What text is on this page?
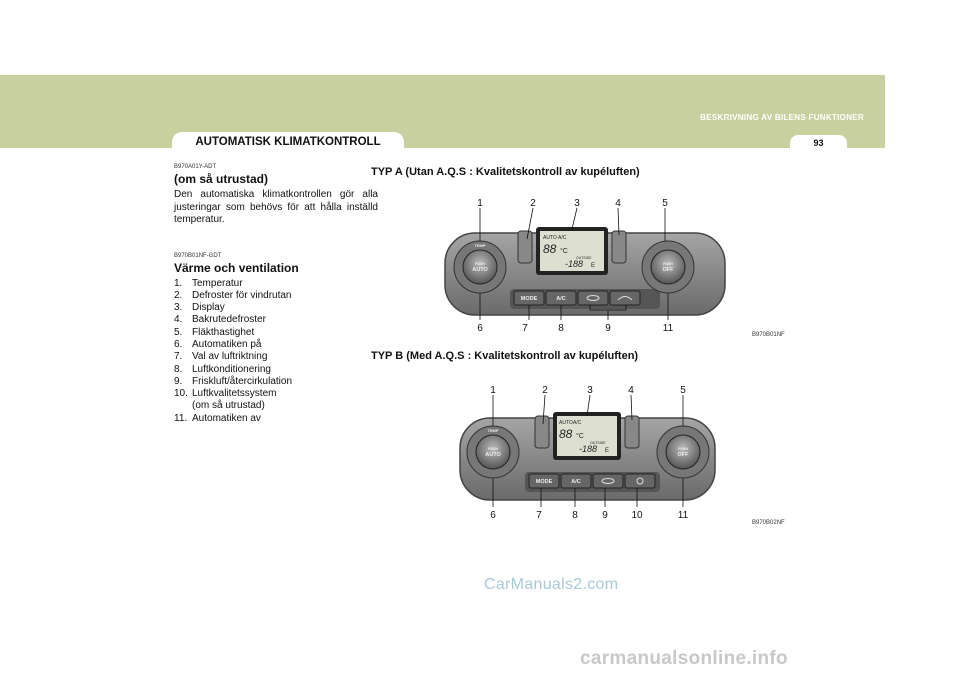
BESKRIVNING AV BILENS FUNKTIONER
AUTOMATISK KLIMATKONTROLL	93

B970A01Y-ADT

(om så utrustad)

Den automatiska klimatkontrollen gör alla justeringar som behövs för att hålla inställd temperatur.

B970B01NF-GDT

Värme och ventilation
1. Temperatur
2. Defroster för vindrutan
3. Display
4. Bakrutedefroster
5. Fläkthastighet
6. Automatiken på
7. Val av luftriktning
8. Luftkonditionering
9. Friskluft/återcirkulation
10. Luftkvalitetssystem
(om så utrustad)
11. Automatiken av
TYP A (Utan A.Q.S : Kvalitetskontroll av kupéluften)
TYP B (Med A.Q.S : Kvalitetskontroll av kupéluften)
B970B01NF
B970B02NF
PUSH
AUTO
TEMP
PUSH
OFF
AUTO A/C
88 °C
OUTSIDE
-188 E
MODE	A/C
1	2	3	4	5
6	7	8	9	11
PUSH
AUTO
TEMP
PUSH
OFF
AUTO A/C
88 °C
OUTSIDE
-188 E
MODE	A/C
1	2	3	4	5
6	7	8 9 10	11
CarManuals2.com
carmanualsonline.info
